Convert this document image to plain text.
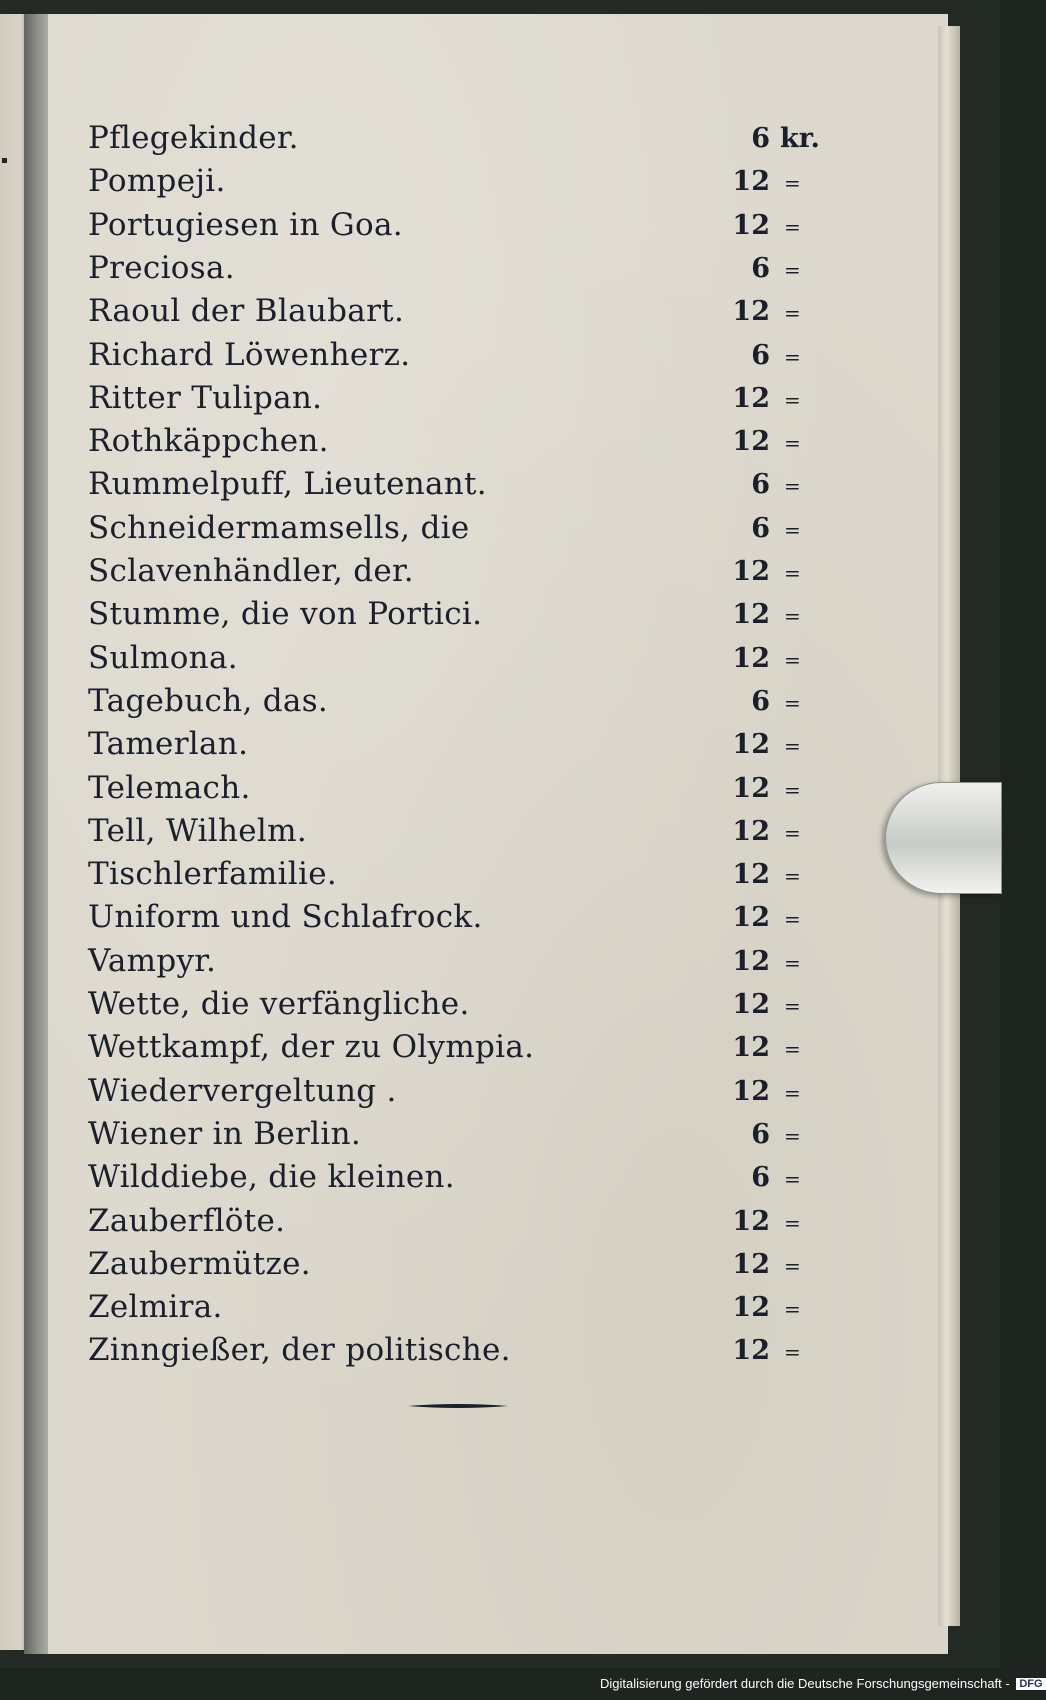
Pflegekinder.	6 kr.
Pompeji.	12 =
Portugiesen in Goa.	12 =
Preciosa.	6 =
Raoul der Blaubart.	12 =
Richard Löwenherz.	6 =
Ritter Tulipan.	12 =
Rothkäppchen.	12 =
Rummelpuff, Lieutenant.	6 =
Schneidermamsells, die	6 =
Sclavenhändler, der.	12 =
Stumme, die von Portici.	12 =
Sulmona.	12 =
Tagebuch, das.	6 =
Tamerlan.	12 =
Telemach.	12 =
Tell, Wilhelm.	12 =
Tischlerfamilie.	12 =
Uniform und Schlafrock.	12 =
Vampyr.	12 =
Wette, die verfängliche.	12 =
Wettkampf, der zu Olympia.	12 =
Wiedervergeltung .	12 =
Wiener in Berlin.	6 =
Wilddiebe, die kleinen.	6 =
Zauberflöte.	12 =
Zaubermütze.	12 =
Zelmira.	12 =
Zinngießer, der politische.	12 =
Digitalisierung gefördert durch die Deutsche Forschungsgemeinschaft - DFG
